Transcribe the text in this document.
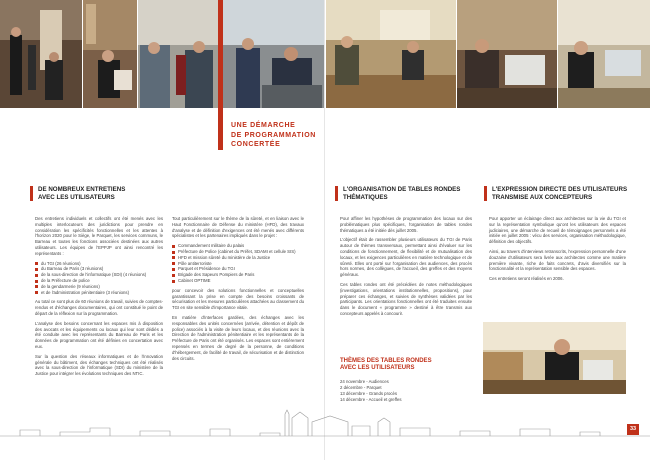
UNE DÉMARCHE
DE PROGRAMMATION
CONCERTÉE
DE NOMBREUX ENTRETIENS
AVEC LES UTILISATEURS

Des entretiens individuels et collectifs ont été menés avec les multiples interlocuteurs des juridictions pour prendre en considération les spécificités fonctionnelles et les attentes à l'horizon 2020 pour le Siège, le Parquet, les services communs, le Barreau et toutes les fonctions associées destinées aux autres utilisateurs. Les équipes de l'EPPJP ont ainsi rencontré les représentants :

du TGI (26 réunions)
du Barreau de Paris (3 réunions)
de la sous-direction de l'informatique (SDI) (4 réunions)
de la Préfecture de police
de la gendarmerie (9 réunions)
et de l'administration pénitentiaire (3 réunions)

Au total ce sont plus de 60 réunions de travail, suivies de comptes-rendus et d'échanges documentaires, qui ont constitué le point de départ de la réflexion sur la programmation.

L'analyse des besoins concernant les espaces mis à disposition des avocats et les équipements ou locaux qui leur sont dédiés a été conduite avec les représentants du Barreau de Paris et les données de programmation ont été définies en concertation avec eux.

Sur la question des réseaux informatiques et de l'innovation générale du bâtiment, des échanges techniques ont été réalisés avec la sous-direction de l'informatique (SDI) du ministère de la Justice pour intégrer les évolutions techniques des NTIC.

Tout particulièrement sur le thème de la sûreté, et en liaison avec le Haut Fonctionnaire de Défense du ministère (HFD), des travaux d'analyse et de définition d'exigences ont été menés avec différents spécialistes et les partenaires impliqués dans le projet :

Commandement militaire du palais
Préfecture de Police (cabinet du Préfet, SDAMI et cellule SIS)
HFD et mission sûreté du ministère de la Justice
Pôle antiterroriste
Parquet et Présidence du TGI
Brigade des Sapeurs Pompiers de Paris
Cabinet OPTIME

pour concevoir des solutions fonctionnelles et conceptuelles garantissant la prise en compte des besoins croissants de sécurisation et les mesures particulières attachées au classement du TGI en site sensible d'importance vitale.

En matière d'interfaces gardées, des échanges avec les responsables des unités concernées (arrivée, détention et dépôt de police) associés à la visite de leurs locaux, et des réunions avec la Direction de l'administration pénitentiaire et les représentants de la Préfecture de Paris ont été organisés. Les espaces sont entièrement repensés en termes de degré de la personne, de conditions d'hébergement, de facilité de travail, de sécurisation et de distinction des circuits.

L'ORGANISATION DE TABLES RONDES
THÉMATIQUES

Pour affiner les hypothèses de programmation des locaux sur des problématiques plus spécifiques, l'organisation de tables rondes thématiques a été initiée dès juillet 2005.

L'objectif était de rassembler plusieurs utilisateurs du TGI de Paris autour de thèmes transversaux, permettant ainsi d'évaluer sur les conditions de fonctionnement, de flexibilité et de mutualisation des locaux, et les exigences particulières en matière technologique et de sûreté. Elles ont porté sur l'organisation des audiences, des procès hors normes, des collègues, de l'accueil, des greffes et des moyens généraux.

Ces tables rondes ont été précédées de notes méthodologiques (investigations, orientations institutionnelles, propositions), pour préparer ces échanges, et suivies de synthèses validées par les participants. Les orientations fonctionnelles ont été traduites ensuite dans le document « programme » destiné à être transmis aux concepteurs appelés à concourir.

THÈMES DES TABLES RONDES
AVEC LES UTILISATEURS
24 novembre - Audiences
2 décembre - Parquet
13 décembre - Grands procès
14 décembre - Accueil et greffes
L'EXPRESSION DIRECTE DES UTILISATEURS
TRANSMISE AUX CONCEPTEURS

Pour apporter un éclairage direct aux architectes sur la vie du TGI et sur la représentation symbolique qu'ont les utilisateurs des espaces judiciaires, une démarche de recueil de témoignages personnels a été initiée en juillet 2005 : vécu des services, organisation méthodologique, définition des objectifs.

Ainsi, au travers d'interviews retranscrits, l'expression personnelle d'une douzaine d'utilisateurs sera livrée aux architectes comme une matière première vivante, riche de faits concrets, d'avis diversifiés sur la fonctionnalité et la représentation sensible des espaces.

Ces entretiens seront réalisés en 2006.

33
